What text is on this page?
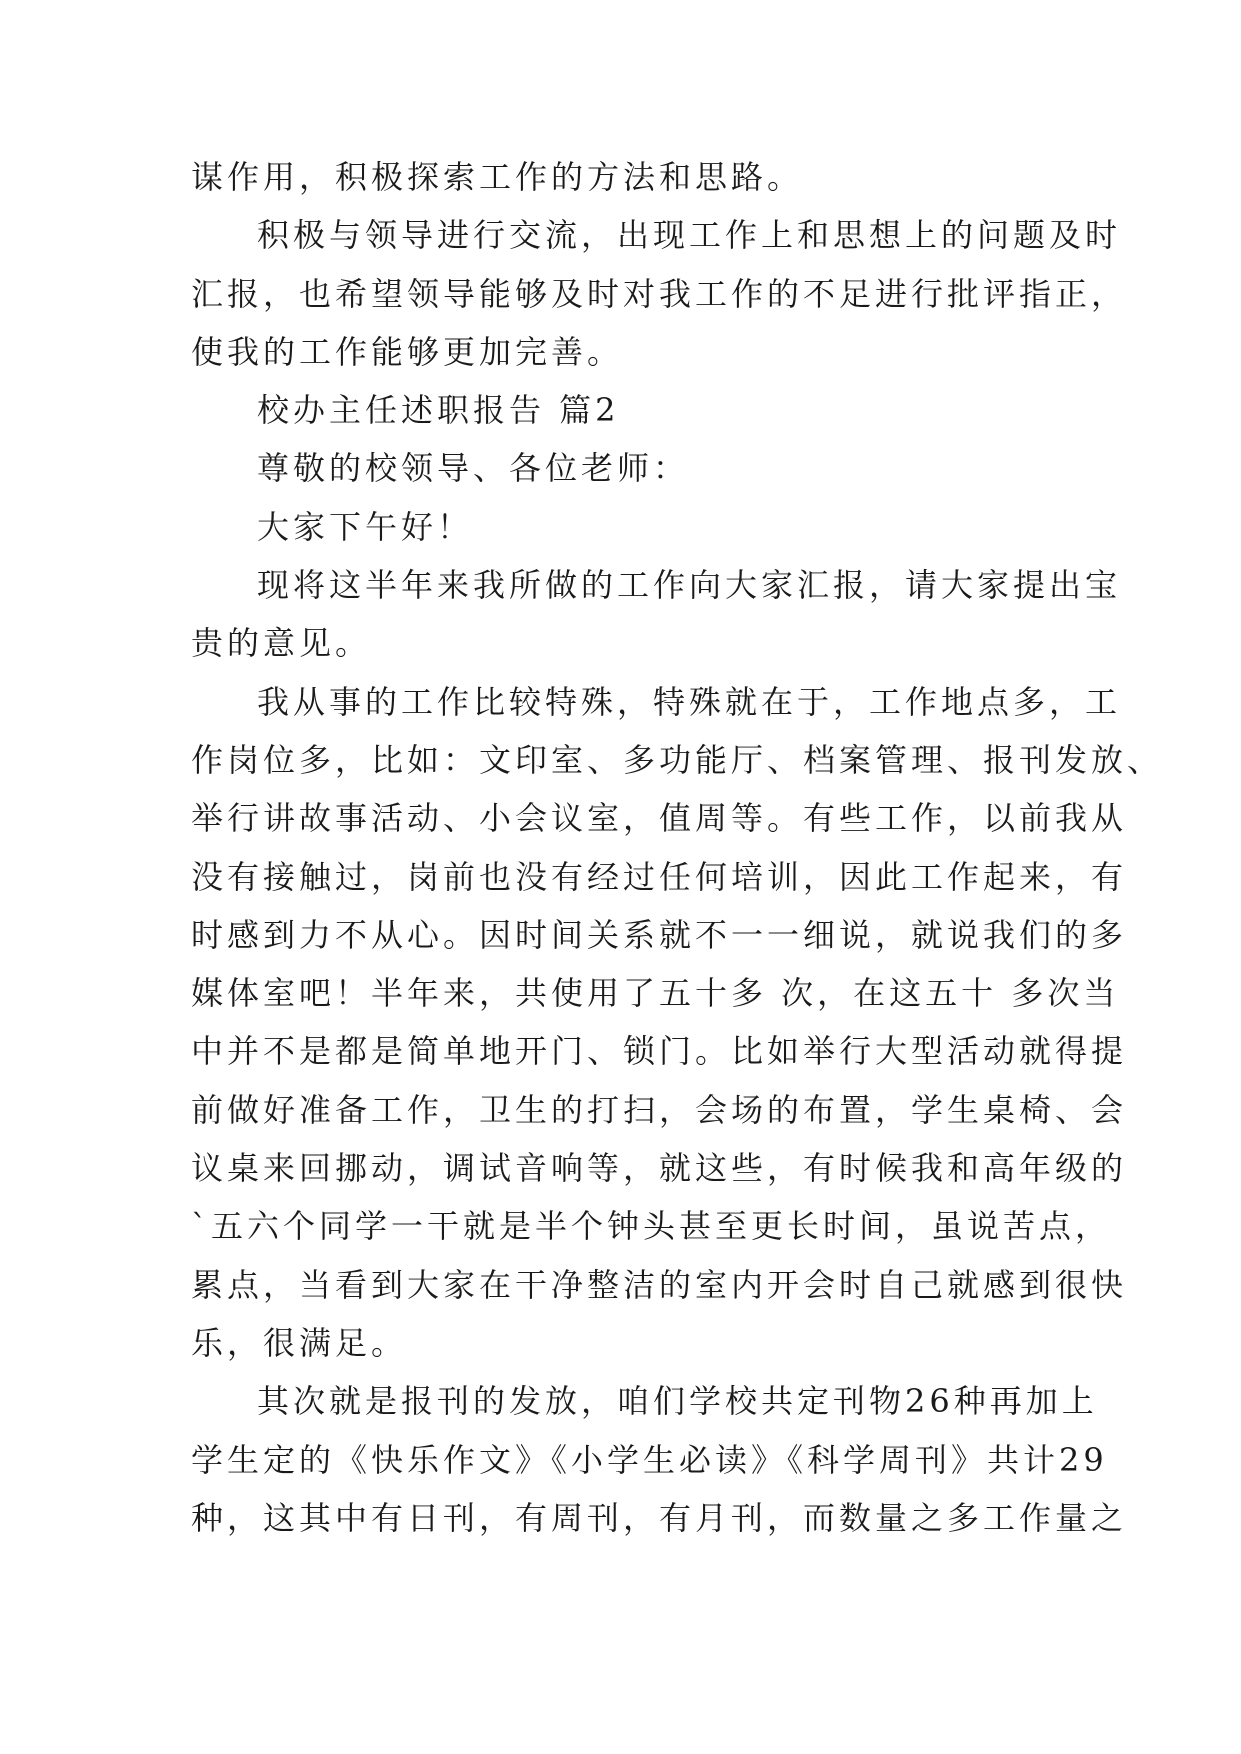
谋作用，积极探索工作的方法和思路。

积极与领导进行交流，出现工作上和思想上的问题及时

汇报，也希望领导能够及时对我工作的不足进行批评指正，

使我的工作能够更加完善。

校办主任述职报告 篇2

尊敬的校领导、各位老师：

大家下午好！

现将这半年来我所做的工作向大家汇报，请大家提出宝

贵的意见。

我从事的工作比较特殊，特殊就在于，工作地点多，工

作岗位多，比如：文印室、多功能厅、档案管理、报刊发放、

举行讲故事活动、小会议室，值周等。有些工作，以前我从

没有接触过，岗前也没有经过任何培训，因此工作起来，有

时感到力不从心。因时间关系就不一一细说，就说我们的多

媒体室吧！半年来，共使用了五十多 次，在这五十 多次当

中并不是都是简单地开门、锁门。比如举行大型活动就得提

前做好准备工作，卫生的打扫，会场的布置，学生桌椅、会

议桌来回挪动，调试音响等，就这些，有时候我和高年级的

`五六个同学一干就是半个钟头甚至更长时间，虽说苦点，

累点，当看到大家在干净整洁的室内开会时自己就感到很快

乐，很满足。

其次就是报刊的发放，咱们学校共定刊物26种再加上

学生定的《快乐作文》《小学生必读》《科学周刊》共计29

种，这其中有日刊，有周刊，有月刊，而数量之多工作量之
